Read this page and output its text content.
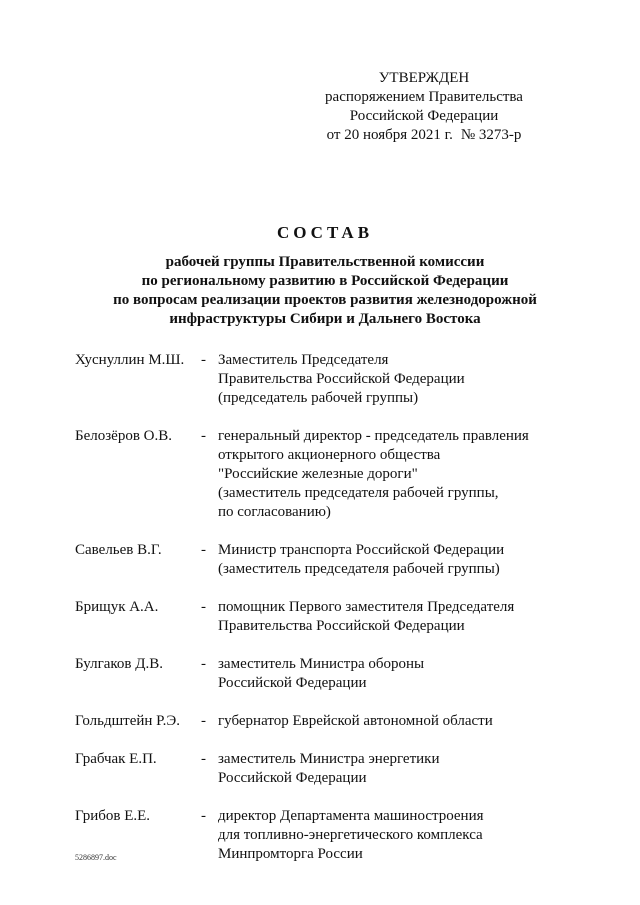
УТВЕРЖДЕН
распоряжением Правительства
Российской Федерации
от 20 ноября 2021 г. № 3273-р
СОСТАВ
рабочей группы Правительственной комиссии
по региональному развитию в Российской Федерации
по вопросам реализации проектов развития железнодорожной
инфраструктуры Сибири и Дальнего Востока
Хуснуллин М.Ш.	- Заместитель Председателя
Правительства Российской Федерации
(председатель рабочей группы)
Белозёров О.В.	- генеральный директор - председатель правления
открытого акционерного общества
"Российские железные дороги"
(заместитель председателя рабочей группы,
по согласованию)
Савельев В.Г.	- Министр транспорта Российской Федерации
(заместитель председателя рабочей группы)
Брищук А.А.	- помощник Первого заместителя Председателя
Правительства Российской Федерации
Булгаков Д.В.	- заместитель Министра обороны
Российской Федерации
Гольдштейн Р.Э.	- губернатор Еврейской автономной области
Грабчак Е.П.	- заместитель Министра энергетики
Российской Федерации
Грибов Е.Е.	- директор Департамента машиностроения
для топливно-энергетического комплекса
Минпромторга России
5286897.doc
